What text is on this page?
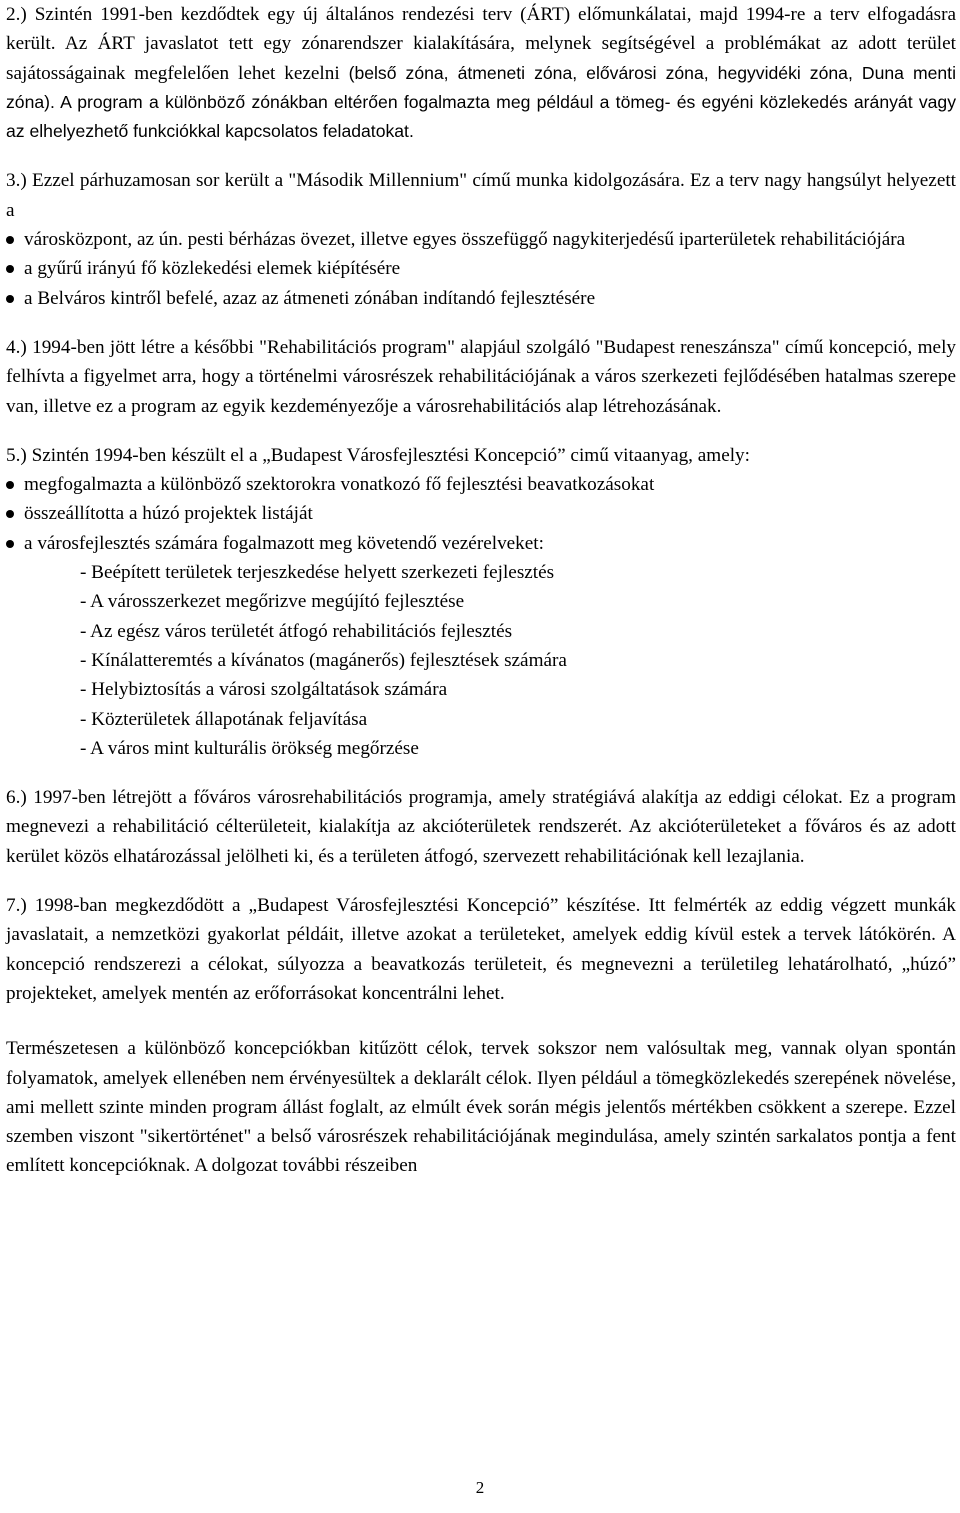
2.) Szintén 1991-ben kezdődtek egy új általános rendezési terv (ÁRT) előmunkálatai, majd 1994-re a terv elfogadásra került. Az ÁRT javaslatot tett egy zónarendszer kialakítására, melynek segítségével a problémákat az adott terület sajátosságainak megfelelően lehet kezelni (belső zóna, átmeneti zóna, elővárosi zóna, hegyvidéki zóna, Duna menti zóna). A program a különböző zónákban eltérően fogalmazta meg például a tömeg- és egyéni közlekedés arányát vagy az elhelyezhető funkciókkal kapcsolatos feladatokat.

3.) Ezzel párhuzamosan sor került a "Második Millennium" című munka kidolgozására. Ez a terv nagy hangsúlyt helyezett a

városközpont, az ún. pesti bérházas övezet, illetve egyes összefüggő nagykiterjedésű iparterületek rehabilitációjára
a gyűrű irányú fő közlekedési elemek kiépítésére
a Belváros kintről befelé, azaz az átmeneti zónában indítandó fejlesztésére

4.) 1994-ben jött létre a későbbi "Rehabilitációs program" alapjául szolgáló "Budapest reneszánsza" című koncepció, mely felhívta a figyelmet arra, hogy a történelmi városrészek rehabilitációjának a város szerkezeti fejlődésében hatalmas szerepe van, illetve ez a program az egyik kezdeményezője a városrehabilitációs alap létrehozásának.

5.) Szintén 1994-ben készült el a „Budapest Városfejlesztési Koncepció” cimű vitaanyag, amely:

megfogalmazta a különböző szektorokra vonatkozó fő fejlesztési beavatkozásokat
összeállította a húzó projektek listáját
a városfejlesztés számára fogalmazott meg követendő vezérelveket:
- Beépített területek terjeszkedése helyett szerkezeti fejlesztés
- A városszerkezet megőrizve megújító fejlesztése
- Az egész város területét átfogó rehabilitációs fejlesztés
- Kínálatteremtés a kívánatos (magánerős) fejlesztések számára
- Helybiztosítás a városi szolgáltatások számára
- Közterületek állapotának feljavítása
- A város mint kulturális örökség megőrzése

6.) 1997-ben létrejött a főváros városrehabilitációs programja, amely stratégiává alakítja az eddigi célokat. Ez a program megnevezi a rehabilitáció célterületeit, kialakítja az akcióterületek rendszerét. Az akcióterületeket a főváros és az adott kerület közös elhatározással jelölheti ki, és a területen átfogó, szervezett rehabilitációnak kell lezajlania.

7.) 1998-ban megkezdődött a „Budapest Városfejlesztési Koncepció” készítése. Itt felmérték az eddig végzett munkák javaslatait, a nemzetközi gyakorlat példáit, illetve azokat a területeket, amelyek eddig kívül estek a tervek látókörén. A koncepció rendszerezi a célokat, súlyozza a beavatkozás területeit, és megnevezni a területileg lehatárolható, „húzó” projekteket, amelyek mentén az erőforrásokat koncentrálni lehet.

Természetesen a különböző koncepciókban kitűzött célok, tervek sokszor nem valósultak meg, vannak olyan spontán folyamatok, amelyek ellenében nem érvényesültek a deklarált célok. Ilyen például a tömegközlekedés szerepének növelése, ami mellett szinte minden program állást foglalt, az elmúlt évek során mégis jelentős mértékben csökkent a szerepe. Ezzel szemben viszont "sikertörténet" a belső városrészek rehabilitációjának megindulása, amely szintén sarkalatos pontja a fent említett koncepcióknak. A dolgozat további részeiben

2
